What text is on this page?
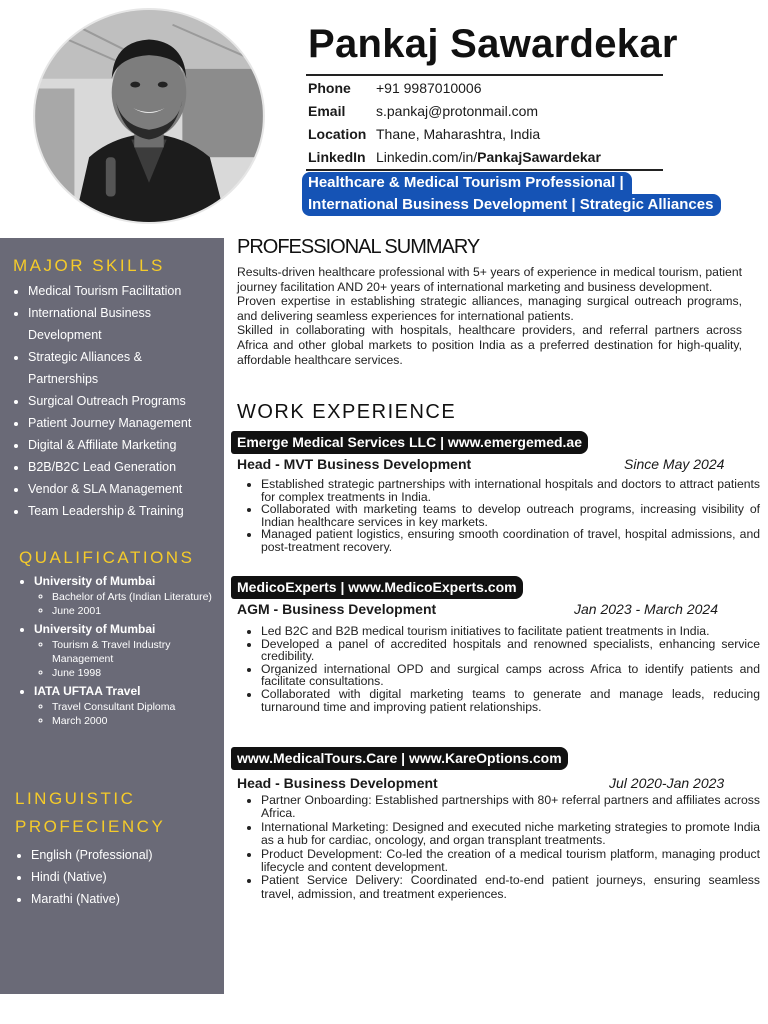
Pankaj Sawardekar
Phone +91 9987010006
Email s.pankaj@protonmail.com
Location Thane, Maharashtra, India
LinkedIn Linkedin.com/in/PankajSawardekar
Healthcare & Medical Tourism Professional |
International Business Development | Strategic Alliances
MAJOR SKILLS
• Medical Tourism Facilitation
• International Business
Development
• Strategic Alliances &
Partnerships
• Surgical Outreach Programs
• Patient Journey Management
• Digital & Affiliate Marketing
• B2B/B2C Lead Generation
• Vendor & SLA Management
• Team Leadership & Training
QUALIFICATIONS
• University of Mumbai
◦ Bachelor of Arts (Indian Literature)
◦ June 2001
• University of Mumbai
◦ Tourism & Travel Industry Management
◦ June 1998
• IATA UFTAA Travel
◦ Travel Consultant Diploma
◦ March 2000
LINGUISTIC
PROFECIENCY
• English (Professional)
• Hindi (Native)
• Marathi (Native)
PROFESSIONAL SUMMARY

Results-driven healthcare professional with 5+ years of experience in medical tourism, patient journey facilitation AND 20+ years of international marketing and business development.

Proven expertise in establishing strategic alliances, managing surgical outreach programs, and delivering seamless experiences for international patients.

Skilled in collaborating with hospitals, healthcare providers, and referral partners across Africa and other global markets to position India as a preferred destination for high-quality, affordable healthcare services.

WORK EXPERIENCE
Emerge Medical Services LLC | www.emergemed.ae
Head - MVT Business Development	Since May 2024
• Established strategic partnerships with international hospitals and doctors to attract patients for complex treatments in India.
• Collaborated with marketing teams to develop outreach programs, increasing visibility of Indian healthcare services in key markets.
• Managed patient logistics, ensuring smooth coordination of travel, hospital admissions, and post-treatment recovery.
MedicoExperts | www.MedicoExperts.com
AGM - Business Development	Jan 2023 - March 2024
• Led B2C and B2B medical tourism initiatives to facilitate patient treatments in India.
• Developed a panel of accredited hospitals and renowned specialists, enhancing service credibility.
• Organized international OPD and surgical camps across Africa to identify patients and facilitate consultations.
• Collaborated with digital marketing teams to generate and manage leads, reducing turnaround time and improving patient relationships.
www.MedicalTours.Care | www.KareOptions.com
Head - Business Development	Jul 2020-Jan 2023
• Partner Onboarding: Established partnerships with 80+ referral partners and affiliates across Africa.
• International Marketing: Designed and executed niche marketing strategies to promote India as a hub for cardiac, oncology, and organ transplant treatments.
• Product Development: Co-led the creation of a medical tourism platform, managing product lifecycle and content development.
• Patient Service Delivery: Coordinated end-to-end patient journeys, ensuring seamless travel, admission, and treatment experiences.
